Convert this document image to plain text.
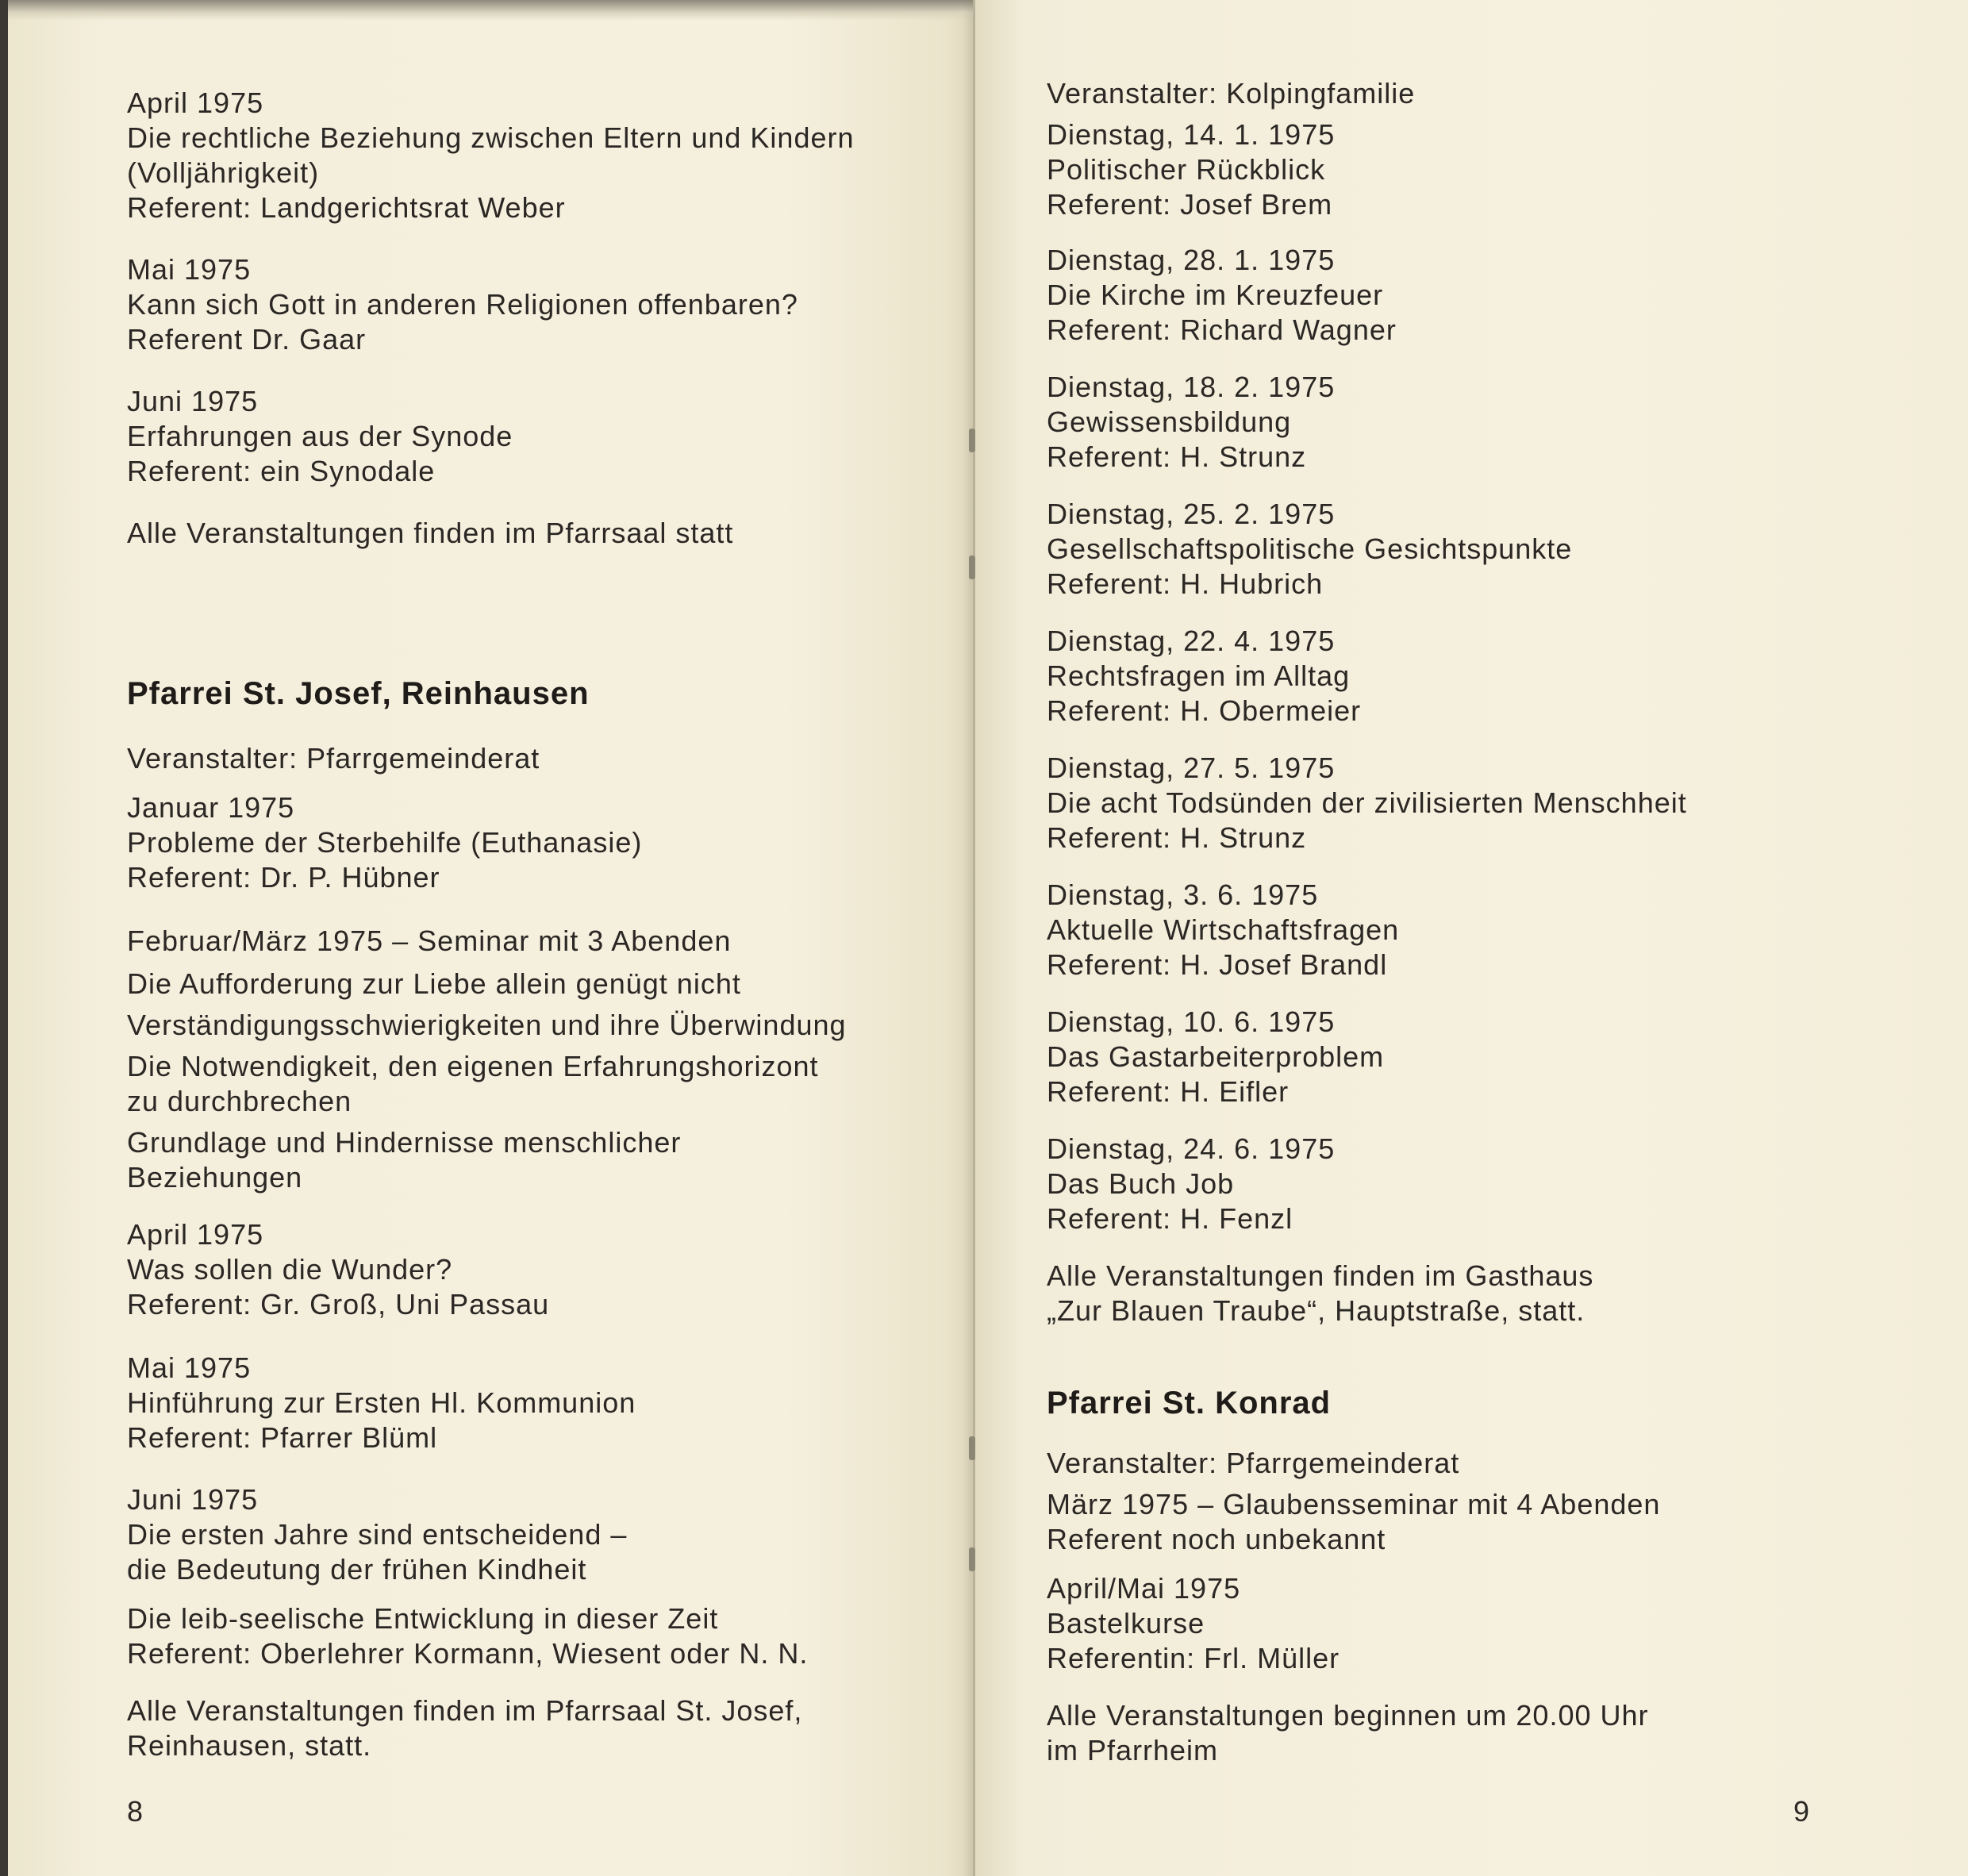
April 1975
Die rechtliche Beziehung zwischen Eltern und Kindern
(Volljährigkeit)
Referent: Landgerichtsrat Weber
Mai 1975
Kann sich Gott in anderen Religionen offenbaren?
Referent Dr. Gaar
Juni 1975
Erfahrungen aus der Synode
Referent: ein Synodale
Alle Veranstaltungen finden im Pfarrsaal statt
Pfarrei St. Josef, Reinhausen
Veranstalter: Pfarrgemeinderat
Januar 1975
Probleme der Sterbehilfe (Euthanasie)
Referent: Dr. P. Hübner
Februar/März 1975 – Seminar mit 3 Abenden
Die Aufforderung zur Liebe allein genügt nicht
Verständigungsschwierigkeiten und ihre Überwindung
Die Notwendigkeit, den eigenen Erfahrungshorizont
zu durchbrechen
Grundlage und Hindernisse menschlicher
Beziehungen
April 1975
Was sollen die Wunder?
Referent: Gr. Groß, Uni Passau
Mai 1975
Hinführung zur Ersten Hl. Kommunion
Referent: Pfarrer Blüml
Juni 1975
Die ersten Jahre sind entscheidend –
die Bedeutung der frühen Kindheit
Die leib-seelische Entwicklung in dieser Zeit
Referent: Oberlehrer Kormann, Wiesent oder N. N.
Alle Veranstaltungen finden im Pfarrsaal St. Josef,
Reinhausen, statt.
8
Veranstalter: Kolpingfamilie
Dienstag, 14. 1. 1975
Politischer Rückblick
Referent: Josef Brem
Dienstag, 28. 1. 1975
Die Kirche im Kreuzfeuer
Referent: Richard Wagner
Dienstag, 18. 2. 1975
Gewissensbildung
Referent: H. Strunz
Dienstag, 25. 2. 1975
Gesellschaftspolitische Gesichtspunkte
Referent: H. Hubrich
Dienstag, 22. 4. 1975
Rechtsfragen im Alltag
Referent: H. Obermeier
Dienstag, 27. 5. 1975
Die acht Todsünden der zivilisierten Menschheit
Referent: H. Strunz
Dienstag, 3. 6. 1975
Aktuelle Wirtschaftsfragen
Referent: H. Josef Brandl
Dienstag, 10. 6. 1975
Das Gastarbeiterproblem
Referent: H. Eifler
Dienstag, 24. 6. 1975
Das Buch Job
Referent: H. Fenzl
Alle Veranstaltungen finden im Gasthaus
„Zur Blauen Traube“, Hauptstraße, statt.
Pfarrei St. Konrad
Veranstalter: Pfarrgemeinderat
März 1975 – Glaubensseminar mit 4 Abenden
Referent noch unbekannt
April/Mai 1975
Bastelkurse
Referentin: Frl. Müller
Alle Veranstaltungen beginnen um 20.00 Uhr
im Pfarrheim
9
